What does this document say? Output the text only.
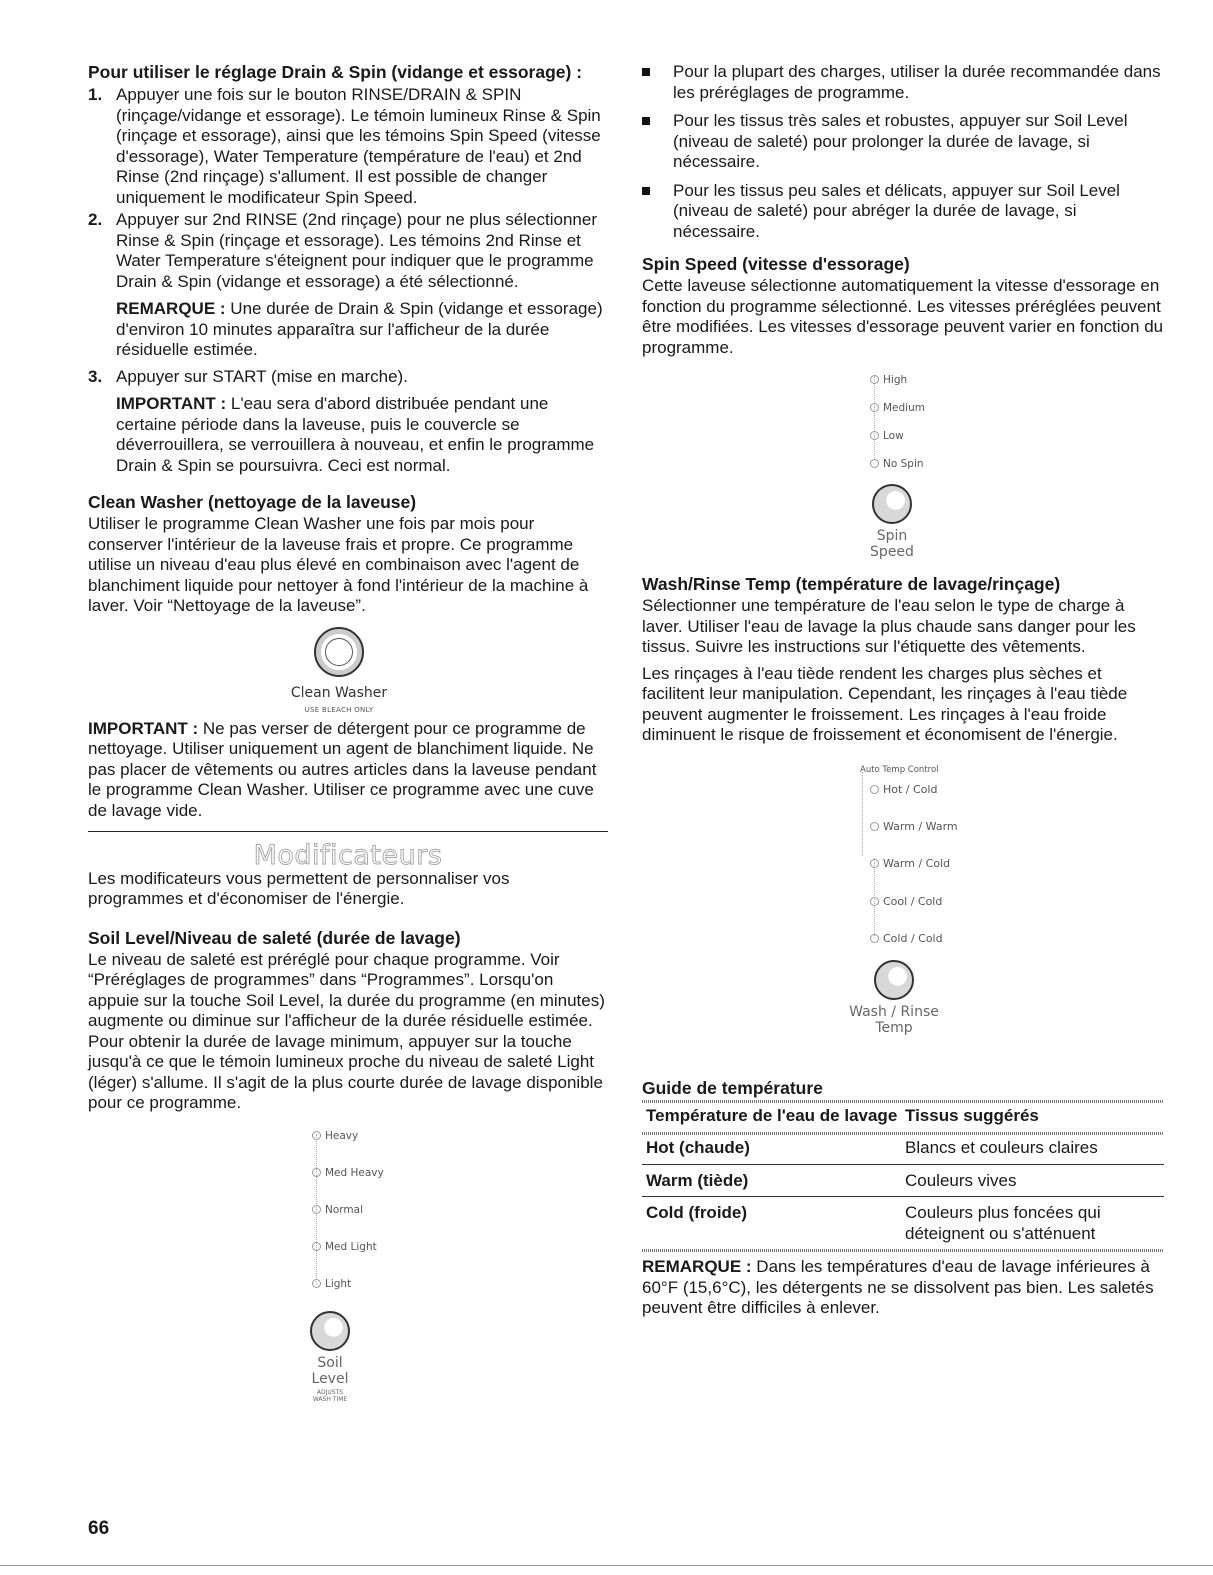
Pour utiliser le réglage Drain & Spin (vidange et essorage) :
1. Appuyer une fois sur le bouton RINSE/DRAIN & SPIN (rinçage/vidange et essorage). Le témoin lumineux Rinse & Spin (rinçage et essorage), ainsi que les témoins Spin Speed (vitesse d'essorage), Water Temperature (température de l'eau) et 2nd Rinse (2nd rinçage) s'allument. Il est possible de changer uniquement le modificateur Spin Speed.

2. Appuyer sur 2nd RINSE (2nd rinçage) pour ne plus sélectionner Rinse & Spin (rinçage et essorage). Les témoins 2nd Rinse et Water Temperature s'éteignent pour indiquer que le programme Drain & Spin (vidange et essorage) a été sélectionné.

REMARQUE : Une durée de Drain & Spin (vidange et essorage) d'environ 10 minutes apparaîtra sur l'afficheur de la durée résiduelle estimée.

3. Appuyer sur START (mise en marche).

IMPORTANT : L'eau sera d'abord distribuée pendant une certaine période dans la laveuse, puis le couvercle se déverrouillera, se verrouillera à nouveau, et enfin le programme Drain & Spin se poursuivra. Ceci est normal.

Clean Washer (nettoyage de la laveuse)

Utiliser le programme Clean Washer une fois par mois pour conserver l'intérieur de la laveuse frais et propre. Ce programme utilise un niveau d'eau plus élevé en combinaison avec l'agent de blanchiment liquide pour nettoyer à fond l'intérieur de la machine à laver. Voir “Nettoyage de la laveuse”.

Clean Washer
USE BLEACH ONLY

IMPORTANT : Ne pas verser de détergent pour ce programme de nettoyage. Utiliser uniquement un agent de blanchiment liquide. Ne pas placer de vêtements ou autres articles dans la laveuse pendant le programme Clean Washer. Utiliser ce programme avec une cuve de lavage vide.

Modificateurs

Les modificateurs vous permettent de personnaliser vos programmes et d'économiser de l'énergie.

Soil Level/Niveau de saleté (durée de lavage)

Le niveau de saleté est préréglé pour chaque programme. Voir “Préréglages de programmes” dans “Programmes”. Lorsqu'on appuie sur la touche Soil Level, la durée du programme (en minutes) augmente ou diminue sur l'afficheur de la durée résiduelle estimée. Pour obtenir la durée de lavage minimum, appuyer sur la touche jusqu'à ce que le témoin lumineux proche du niveau de saleté Light (léger) s'allume. Il s'agit de la plus courte durée de lavage disponible pour ce programme.

Heavy
Med Heavy
Normal
Med Light
Light
Soil
Level
ADJUSTS
WASH TIME
Pour la plupart des charges, utiliser la durée recommandée dans les préréglages de programme.
Pour les tissus très sales et robustes, appuyer sur Soil Level (niveau de saleté) pour prolonger la durée de lavage, si nécessaire.
Pour les tissus peu sales et délicats, appuyer sur Soil Level (niveau de saleté) pour abréger la durée de lavage, si nécessaire.
Spin Speed (vitesse d'essorage)

Cette laveuse sélectionne automatiquement la vitesse d'essorage en fonction du programme sélectionné. Les vitesses préréglées peuvent être modifiées. Les vitesses d'essorage peuvent varier en fonction du programme.

High
Medium
Low
No Spin
Spin
Speed
Wash/Rinse Temp (température de lavage/rinçage)

Sélectionner une température de l'eau selon le type de charge à laver. Utiliser l'eau de lavage la plus chaude sans danger pour les tissus. Suivre les instructions sur l'étiquette des vêtements.

Les rinçages à l'eau tiède rendent les charges plus sèches et facilitent leur manipulation. Cependant, les rinçages à l'eau tiède peuvent augmenter le froissement. Les rinçages à l'eau froide diminuent le risque de froissement et économisent de l'énergie.

Auto Temp Control
Hot / Cold
Warm / Warm
Warm / Cold
Cool / Cold
Cold / Cold
Wash / Rinse
Temp
Guide de température
Température de l'eau de lavage	Tissus suggérés

Hot (chaude)	Blancs et couleurs claires
Warm (tiède)	Couleurs vives
Cold (froide)	Couleurs plus foncées qui déteignent ou s'atténuent

REMARQUE : Dans les températures d'eau de lavage inférieures à 60°F (15,6°C), les détergents ne se dissolvent pas bien. Les saletés peuvent être difficiles à enlever.

66
